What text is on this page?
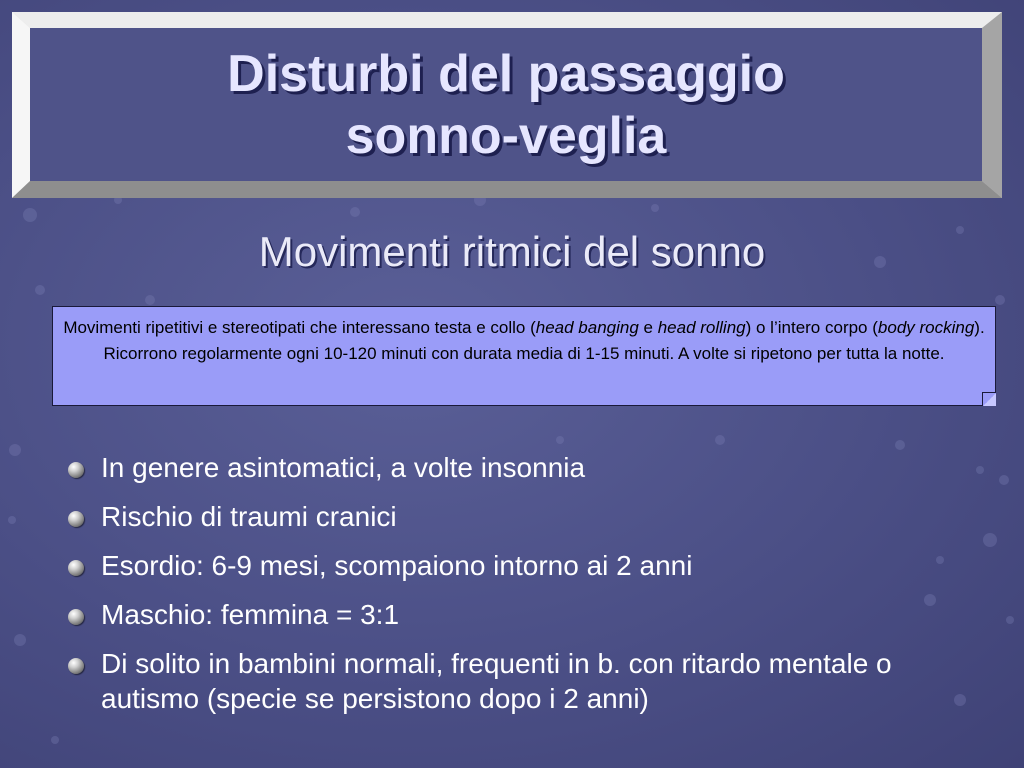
Disturbi del passaggio
sonno-veglia
Movimenti ritmici del sonno
Movimenti ripetitivi e stereotipati che interessano testa e collo (head banging e head rolling) o l’intero corpo (body rocking). Ricorrono regolarmente ogni 10-120 minuti con durata media di 1-15 minuti. A volte si ripetono per tutta la notte.
In genere asintomatici, a volte insonnia
Rischio di traumi cranici
Esordio: 6-9 mesi, scompaiono intorno ai 2 anni
Maschio: femmina = 3:1
Di solito in bambini normali, frequenti in b. con ritardo mentale o autismo (specie se persistono dopo i 2 anni)
